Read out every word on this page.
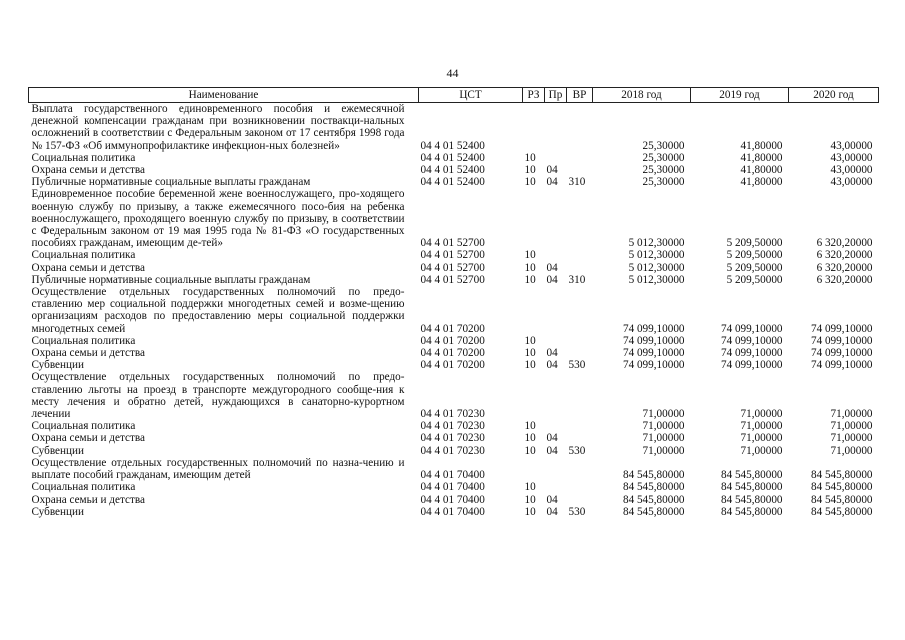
44
Наименование	ЦСТ	РЗ	Пр	ВР	2018 год	2019 год	2020 год
Выплата государственного единовременного пособия и ежемесячной денежной компенсации гражданам при возникновении поствакци-нальных осложнений в соответствии с Федеральным законом от 17 сентября 1998 года № 157-ФЗ «Об иммунопрофилактике инфекцион-ных болезней»	04 4 01 52400				25,30000	41,80000	43,00000
Социальная политика	04 4 01 52400	10			25,30000	41,80000	43,00000
Охрана семьи и детства	04 4 01 52400	10	04		25,30000	41,80000	43,00000
Публичные нормативные социальные выплаты гражданам	04 4 01 52400	10	04	310	25,30000	41,80000	43,00000
Единовременное пособие беременной жене военнослужащего, про-ходящего военную службу по призыву, а также ежемесячного посо-бия на ребенка военнослужащего, проходящего военную службу по призыву, в соответствии с Федеральным законом от 19 мая 1995 года № 81-ФЗ «О государственных пособиях гражданам, имеющим де-тей»	04 4 01 52700				5 012,30000	5 209,50000	6 320,20000
Социальная политика	04 4 01 52700	10			5 012,30000	5 209,50000	6 320,20000
Охрана семьи и детства	04 4 01 52700	10	04		5 012,30000	5 209,50000	6 320,20000
Публичные нормативные социальные выплаты гражданам	04 4 01 52700	10	04	310	5 012,30000	5 209,50000	6 320,20000
Осуществление отдельных государственных полномочий по предо-ставлению мер социальной поддержки многодетных семей и возме-щению организациям расходов по предоставлению меры социальной поддержки многодетных семей	04 4 01 70200				74 099,10000	74 099,10000	74 099,10000
Социальная политика	04 4 01 70200	10			74 099,10000	74 099,10000	74 099,10000
Охрана семьи и детства	04 4 01 70200	10	04		74 099,10000	74 099,10000	74 099,10000
Субвенции	04 4 01 70200	10	04	530	74 099,10000	74 099,10000	74 099,10000
Осуществление отдельных государственных полномочий по предо-ставлению льготы на проезд в транспорте междугородного сообще-ния к месту лечения и обратно детей, нуждающихся в санаторно-курортном лечении	04 4 01 70230				71,00000	71,00000	71,00000
Социальная политика	04 4 01 70230	10			71,00000	71,00000	71,00000
Охрана семьи и детства	04 4 01 70230	10	04		71,00000	71,00000	71,00000
Субвенции	04 4 01 70230	10	04	530	71,00000	71,00000	71,00000
Осуществление отдельных государственных полномочий по назна-чению и выплате пособий гражданам, имеющим детей	04 4 01 70400				84 545,80000	84 545,80000	84 545,80000
Социальная политика	04 4 01 70400	10			84 545,80000	84 545,80000	84 545,80000
Охрана семьи и детства	04 4 01 70400	10	04		84 545,80000	84 545,80000	84 545,80000
Субвенции	04 4 01 70400	10	04	530	84 545,80000	84 545,80000	84 545,80000
